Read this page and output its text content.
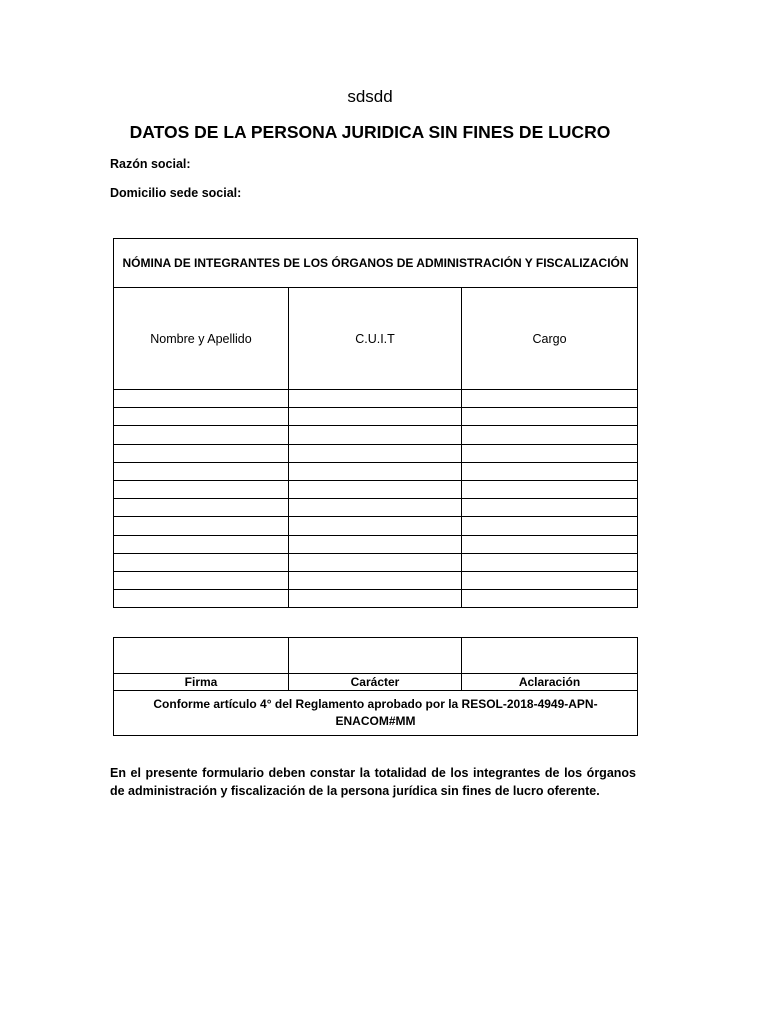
sdsdd
DATOS DE LA PERSONA JURIDICA SIN FINES DE LUCRO
Razón social:
Domicilio sede social:
NÓMINA DE INTEGRANTES DE LOS ÓRGANOS DE ADMINISTRACIÓN Y FISCALIZACIÓN		
Nombre y Apellido	C.U.I.T	Cargo

Firma	Carácter	Aclaración
Conforme artículo 4° del Reglamento aprobado por la RESOL-2018-4949-APN-ENACOM#MM		

En el presente formulario deben constar la totalidad de los integrantes de los órganos de administración y fiscalización de la persona jurídica sin fines de lucro oferente.
